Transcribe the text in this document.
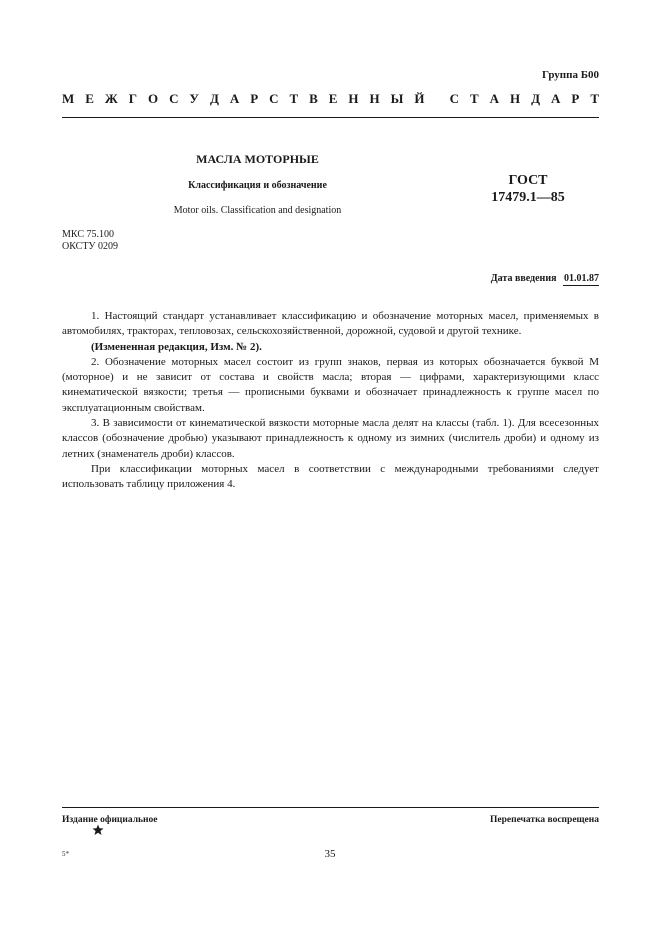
Группа Б00
М Е Ж Г О С У Д А Р С Т В Е Н Н Ы Й
С Т А Н Д А Р Т
МАСЛА МОТОРНЫЕ
Классификация и обозначение
Motor oils. Classification and designation
ГОСТ
17479.1—85
МКС 75.100
ОКСТУ 0209
Дата введения 01.01.87

1. Настоящий стандарт устанавливает классификацию и обозначение моторных масел, применяемых в автомобилях, тракторах, тепловозах, сельскохозяйственной, дорожной, судовой и другой технике.

(Измененная редакция, Изм. № 2).

2. Обозначение моторных масел состоит из групп знаков, первая из которых обозначается буквой М (моторное) и не зависит от состава и свойств масла; вторая — цифрами, характеризующими класс кинематической вязкости; третья — прописными буквами и обозначает принадлежность к группе масел по эксплуатационным свойствам.

3. В зависимости от кинематической вязкости моторные масла делят на классы (табл. 1). Для всесезонных классов (обозначение дробью) указывают принадлежность к одному из зимних (числитель дроби) и одному из летних (знаменатель дроби) классов.

При классификации моторных масел в соответствии с международными требованиями следует использовать таблицу приложения 4.

Издание официальное	Перепечатка воспрещена
5*	35
